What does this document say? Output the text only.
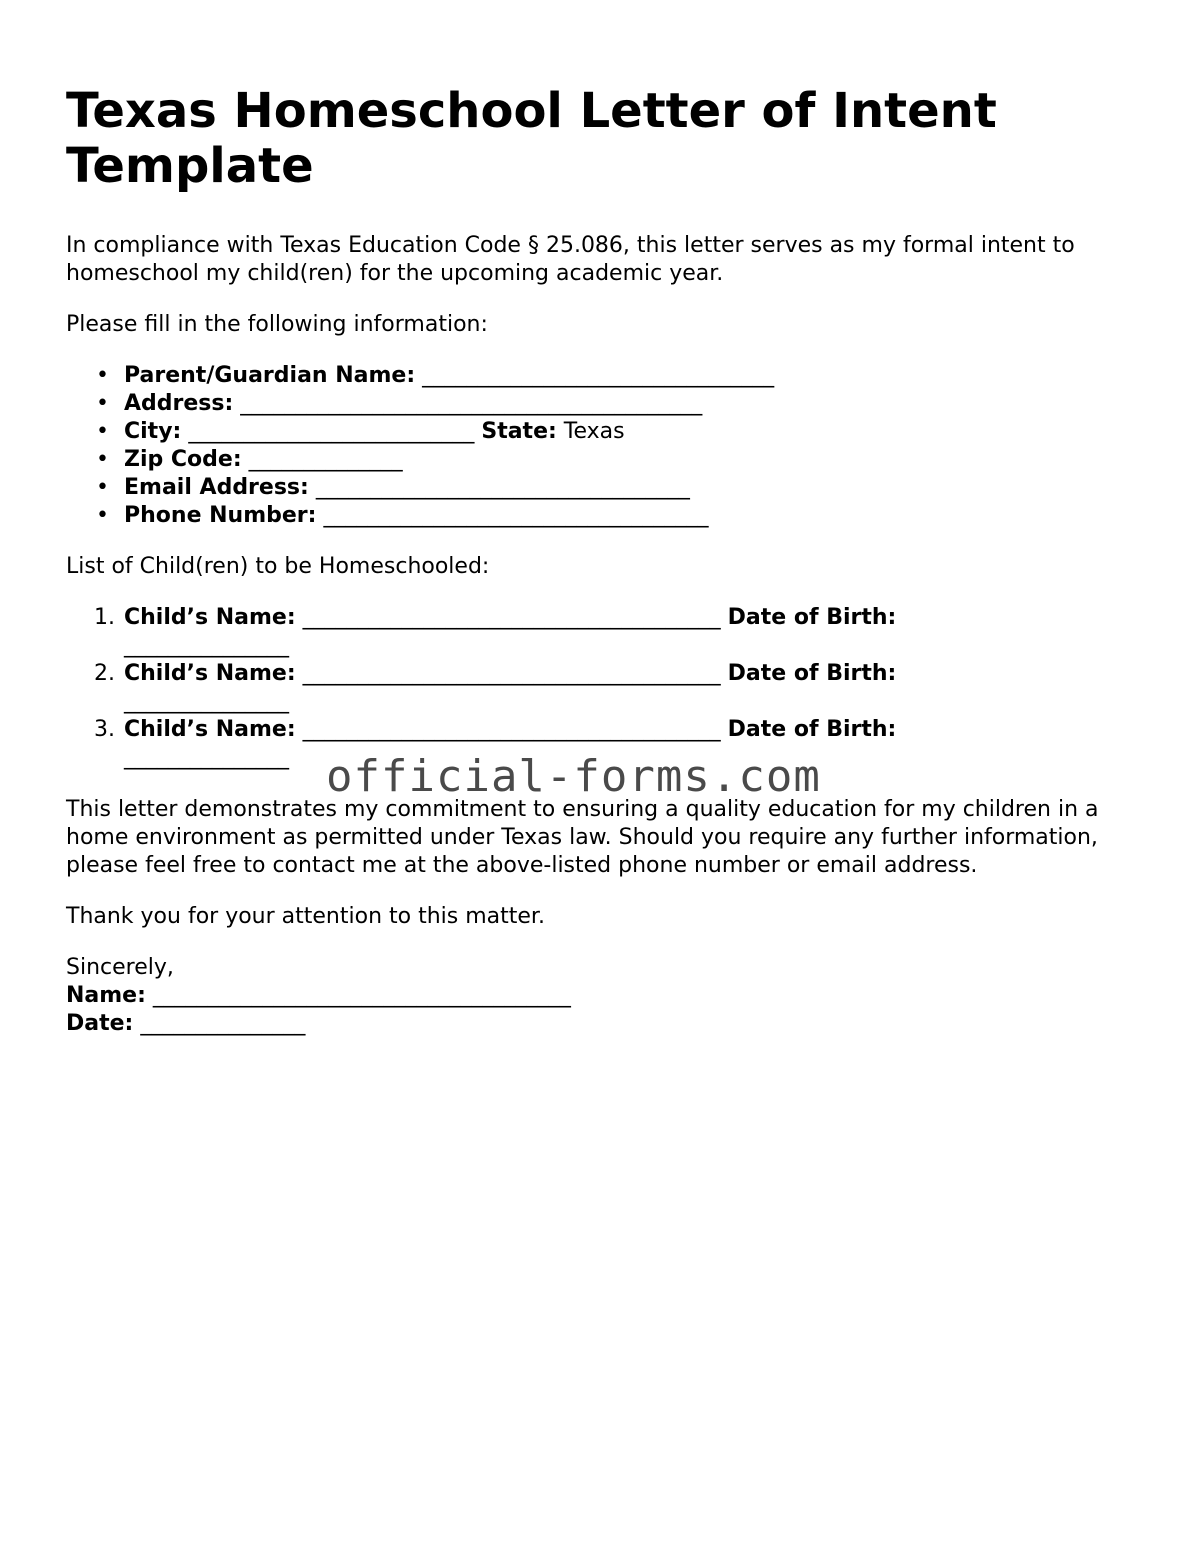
Texas Homeschool Letter of Intent Template

In compliance with Texas Education Code § 25.086, this letter serves as my formal intent to homeschool my child(ren) for the upcoming academic year.

Please fill in the following information:

• Parent/Guardian Name: ________________________________
• Address: __________________________________________
• City: __________________________ State: Texas
• Zip Code: ______________
• Email Address: __________________________________
• Phone Number: ___________________________________

List of Child(ren) to be Homeschooled:

1. Child’s Name: ______________________________________ Date of Birth:
_______________
2. Child’s Name: ______________________________________ Date of Birth:
_______________
3. Child’s Name: ______________________________________ Date of Birth:
_______________

This letter demonstrates my commitment to ensuring a quality education for my children in a home environment as permitted under Texas law. Should you require any further information, please feel free to contact me at the above-listed phone number or email address.

Thank you for your attention to this matter.

Sincerely,

Name: ______________________________________

Date: _______________

official-forms.com
